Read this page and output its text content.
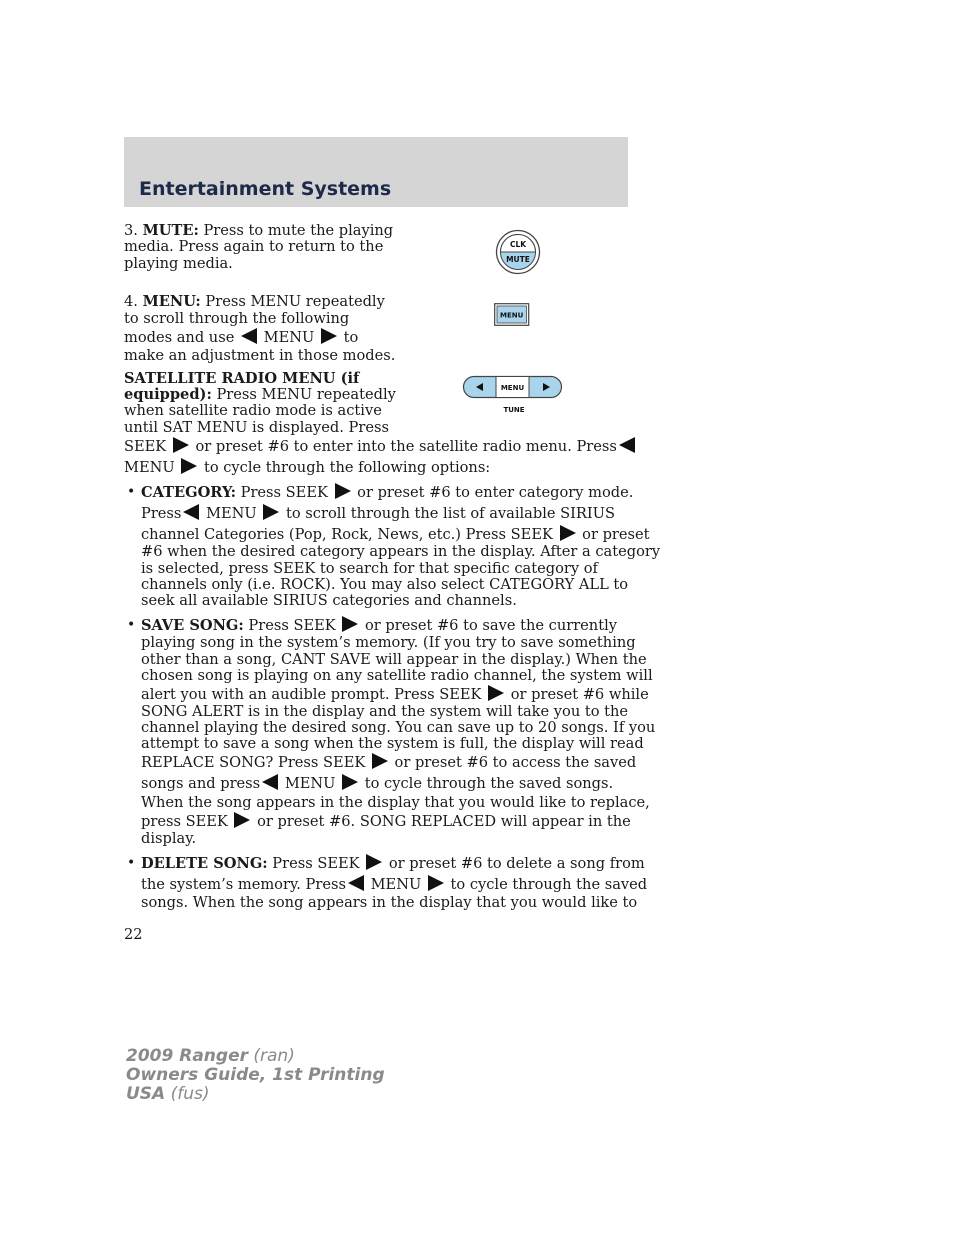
Entertainment Systems
3. MUTE: Press to mute the playing
media. Press again to return to the
playing media.
CLK
MUTE
4. MENU: Press MENU repeatedly
to scroll through the following
modes and use MENU to
make an adjustment in those modes.
MENU
SATELLITE RADIO MENU (if
equipped): Press MENU repeatedly
when satellite radio mode is active
until SAT MENU is displayed. Press
SEEK or preset #6 to enter into the satellite radio menu. Press
MENU to cycle through the following options:
MENU
TUNE
• CATEGORY: Press SEEK or preset #6 to enter category mode.
Press MENU to scroll through the list of available SIRIUS
channel Categories (Pop, Rock, News, etc.) Press SEEK or preset
#6 when the desired category appears in the display. After a category
is selected, press SEEK to search for that specific category of
channels only (i.e. ROCK). You may also select CATEGORY ALL to
seek all available SIRIUS categories and channels.
• SAVE SONG: Press SEEK or preset #6 to save the currently
playing song in the system’s memory. (If you try to save something
other than a song, CANT SAVE will appear in the display.) When the
chosen song is playing on any satellite radio channel, the system will
alert you with an audible prompt. Press SEEK or preset #6 while
SONG ALERT is in the display and the system will take you to the
channel playing the desired song. You can save up to 20 songs. If you
attempt to save a song when the system is full, the display will read
REPLACE SONG? Press SEEK or preset #6 to access the saved
songs and press MENU to cycle through the saved songs.
When the song appears in the display that you would like to replace,
press SEEK or preset #6. SONG REPLACED will appear in the
display.
• DELETE SONG: Press SEEK or preset #6 to delete a song from
the system’s memory. Press MENU to cycle through the saved
songs. When the song appears in the display that you would like to
22
2009 Ranger (ran)
Owners Guide, 1st Printing
USA (fus)
